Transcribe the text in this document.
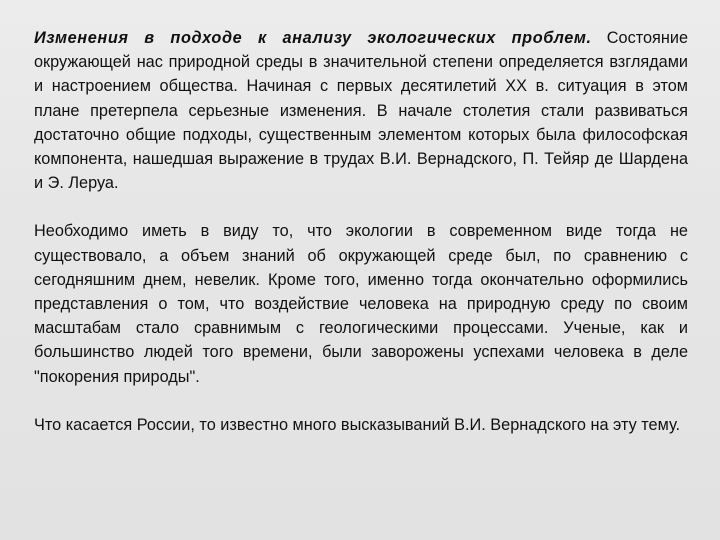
Изменения в подходе к анализу экологических проблем. Состояние окружающей нас природной среды в значительной степени определяется взглядами и настроением общества. Начиная с первых десятилетий XX в. ситуация в этом плане претерпела серьезные изменения. В начале столетия стали развиваться достаточно общие подходы, существенным элементом которых была философская компонента, нашедшая выражение в трудах В.И. Вернадского, П. Тейяр де Шардена и Э. Леруа.

Необходимо иметь в виду то, что экологии в современном виде тогда не существовало, а объем знаний об окружающей среде был, по сравнению с сегодняшним днем, невелик. Кроме того, именно тогда окончательно оформились представления о том, что воздействие человека на природную среду по своим масштабам стало сравнимым с геологическими процессами. Ученые, как и большинство людей того времени, были заворожены успехами человека в деле "покорения природы".

Что касается России, то известно много высказываний В.И. Вернадского на эту тему.
